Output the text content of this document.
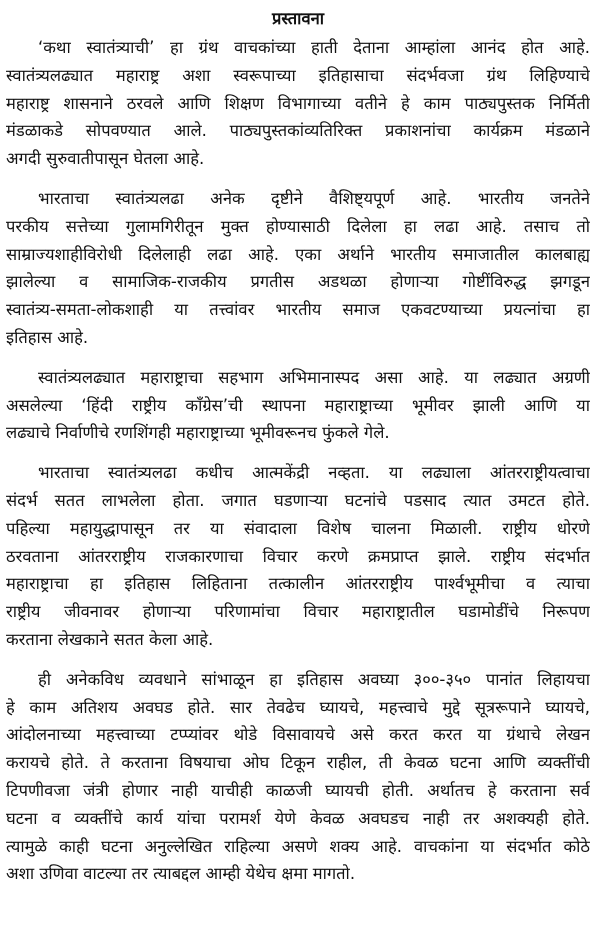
प्रस्तावना
‘कथा स्वातंत्र्याची’ हा ग्रंथ वाचकांच्या हाती देताना आम्हांला आनंद होत आहे.
स्वातंत्र्यलढ्यात महाराष्ट्र अशा स्वरूपाच्या इतिहासाचा संदर्भवजा ग्रंथ लिहिण्याचे
महाराष्ट्र शासनाने ठरवले आणि शिक्षण विभागाच्या वतीने हे काम पाठ्यपुस्तक निर्मिती
मंडळाकडे सोपवण्यात आले. पाठ्यपुस्तकांव्यतिरिक्त प्रकाशनांचा कार्यक्रम मंडळाने
अगदी सुरुवातीपासून घेतला आहे.
भारताचा स्वातंत्र्यलढा अनेक दृष्टीने वैशिष्ट्यपूर्ण आहे. भारतीय जनतेने
परकीय सत्तेच्या गुलामगिरीतून मुक्त होण्यासाठी दिलेला हा लढा आहे. तसाच तो
साम्राज्यशाहीविरोधी दिलेलाही लढा आहे. एका अर्थाने भारतीय समाजातील कालबाह्य
झालेल्या व सामाजिक-राजकीय प्रगतीस अडथळा होणाऱ्या गोष्टींविरुद्ध झगडून
स्वातंत्र्य-समता-लोकशाही या तत्त्वांवर भारतीय समाज एकवटण्याच्या प्रयत्नांचा हा
इतिहास आहे.
स्वातंत्र्यलढ्यात महाराष्ट्राचा सहभाग अभिमानास्पद असा आहे. या लढ्यात अग्रणी
असलेल्या ‘हिंदी राष्ट्रीय कॉंग्रेस’ची स्थापना महाराष्ट्राच्या भूमीवर झाली आणि या
लढ्याचे निर्वाणीचे रणशिंगही महाराष्ट्राच्या भूमीवरूनच फुंकले गेले.
भारताचा स्वातंत्र्यलढा कधीच आत्मकेंद्री नव्हता. या लढ्याला आंतरराष्ट्रीयत्वाचा
संदर्भ सतत लाभलेला होता. जगात घडणाऱ्या घटनांचे पडसाद त्यात उमटत होते.
पहिल्या महायुद्धापासून तर या संवादाला विशेष चालना मिळाली. राष्ट्रीय धोरणे
ठरवताना आंतरराष्ट्रीय राजकारणाचा विचार करणे क्रमप्राप्त झाले. राष्ट्रीय संदर्भात
महाराष्ट्राचा हा इतिहास लिहिताना तत्कालीन आंतरराष्ट्रीय पार्श्वभूमीचा व त्याचा
राष्ट्रीय जीवनावर होणाऱ्या परिणामांचा विचार महाराष्ट्रातील घडामोडींचे निरूपण
करताना लेखकाने सतत केला आहे.
ही अनेकविध व्यवधाने सांभाळून हा इतिहास अवघ्या ३००-३५० पानांत लिहायचा
हे काम अतिशय अवघड होते. सार तेवढेच घ्यायचे, महत्त्वाचे मुद्दे सूत्ररूपाने घ्यायचे,
आंदोलनाच्या महत्त्वाच्या टप्प्यांवर थोडे विसावायचे असे करत करत या ग्रंथाचे लेखन
करायचे होते. ते करताना विषयाचा ओघ टिकून राहील, ती केवळ घटना आणि व्यक्तींची
टिपणीवजा जंत्री होणार नाही याचीही काळजी घ्यायची होती. अर्थातच हे करताना सर्व
घटना व व्यक्तींचे कार्य यांचा परामर्श येणे केवळ अवघडच नाही तर अशक्यही होते.
त्यामुळे काही घटना अनुल्लेखित राहिल्या असणे शक्य आहे. वाचकांना या संदर्भात कोठे
अशा उणिवा वाटल्या तर त्याबद्दल आम्ही येथेच क्षमा मागतो.
